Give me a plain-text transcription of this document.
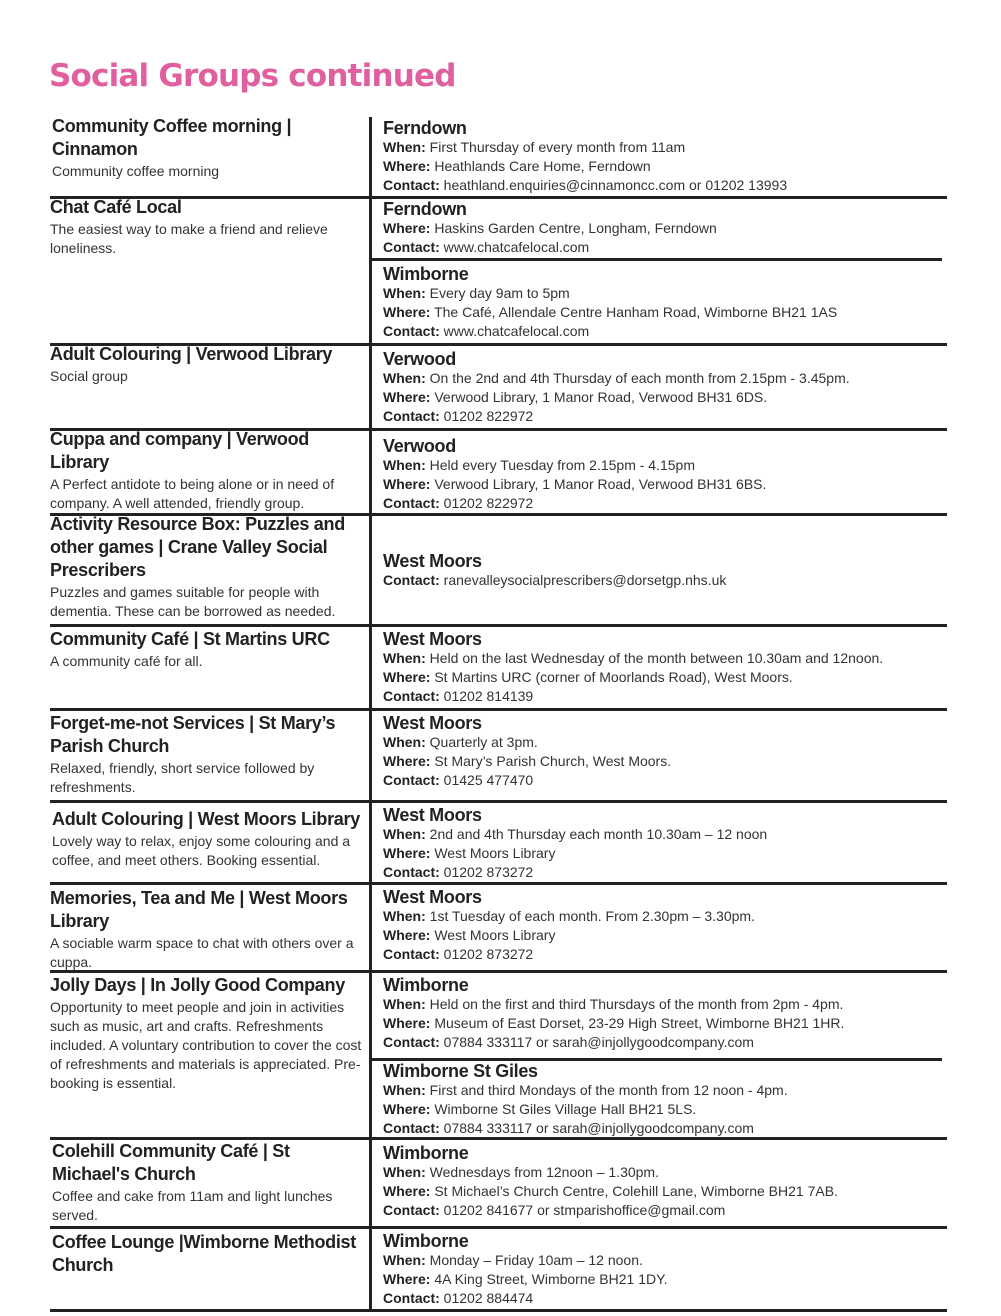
Social Groups continued
Community Coffee morning | Cinnamon
Community coffee morning
Ferndown
When: First Thursday of every month from 11am
Where: Heathlands Care Home, Ferndown
Contact: heathland.enquiries@cinnamoncc.com or 01202 13993
Chat Café Local
The easiest way to make a friend and relieve loneliness.
Ferndown
Where: Haskins Garden Centre, Longham, Ferndown
Contact: www.chatcafelocal.com
Wimborne
When: Every day 9am to 5pm
Where: The Café, Allendale Centre Hanham Road, Wimborne BH21 1AS
Contact: www.chatcafelocal.com
Adult Colouring | Verwood Library
Social group
Verwood
When: On the 2nd and 4th Thursday of each month from 2.15pm - 3.45pm.
Where: Verwood Library, 1 Manor Road, Verwood BH31 6DS.
Contact: 01202 822972
Cuppa and company | Verwood Library
A Perfect antidote to being alone or in need of company. A well attended, friendly group.
Verwood
When: Held every Tuesday from 2.15pm - 4.15pm
Where: Verwood Library, 1 Manor Road, Verwood BH31 6BS.
Contact: 01202 822972
Activity Resource Box: Puzzles and other games | Crane Valley Social Prescribers
Puzzles and games suitable for people with dementia. These can be borrowed as needed.
West Moors
Contact: ranevalleysocialprescribers@dorsetgp.nhs.uk
Community Café | St Martins URC
A community café for all.
West Moors
When: Held on the last Wednesday of the month between 10.30am and 12noon.
Where: St Martins URC (corner of Moorlands Road), West Moors.
Contact: 01202 814139
Forget-me-not Services | St Mary’s Parish Church
Relaxed, friendly, short service followed by refreshments.
West Moors
When: Quarterly at 3pm.
Where: St Mary’s Parish Church, West Moors.
Contact: 01425 477470
Adult Colouring | West Moors Library
Lovely way to relax, enjoy some colouring and a coffee, and meet others. Booking essential.
West Moors
When: 2nd and 4th Thursday each month 10.30am – 12 noon
Where: West Moors Library
Contact: 01202 873272
Memories, Tea and Me | West Moors Library
A sociable warm space to chat with others over a cuppa.
West Moors
When: 1st Tuesday of each month. From 2.30pm – 3.30pm.
Where: West Moors Library
Contact: 01202 873272
Jolly Days | In Jolly Good Company
Opportunity to meet people and join in activities such as music, art and crafts. Refreshments included. A voluntary contribution to cover the cost of refreshments and materials is appreciated. Pre-booking is essential.
Wimborne
When: Held on the first and third Thursdays of the month from 2pm - 4pm.
Where: Museum of East Dorset, 23-29 High Street, Wimborne BH21 1HR.
Contact: 07884 333117 or sarah@injollygoodcompany.com
Wimborne St Giles
When: First and third Mondays of the month from 12 noon - 4pm.
Where: Wimborne St Giles Village Hall BH21 5LS.
Contact: 07884 333117 or sarah@injollygoodcompany.com
Colehill Community Café | St Michael's Church
Coffee and cake from 11am and light lunches served.
Wimborne
When: Wednesdays from 12noon – 1.30pm.
Where: St Michael’s Church Centre, Colehill Lane, Wimborne BH21 7AB.
Contact: 01202 841677 or stmparishoffice@gmail.com
Coffee Lounge |Wimborne Methodist Church
Wimborne
When: Monday – Friday 10am – 12 noon.
Where: 4A King Street, Wimborne BH21 1DY.
Contact: 01202 884474
